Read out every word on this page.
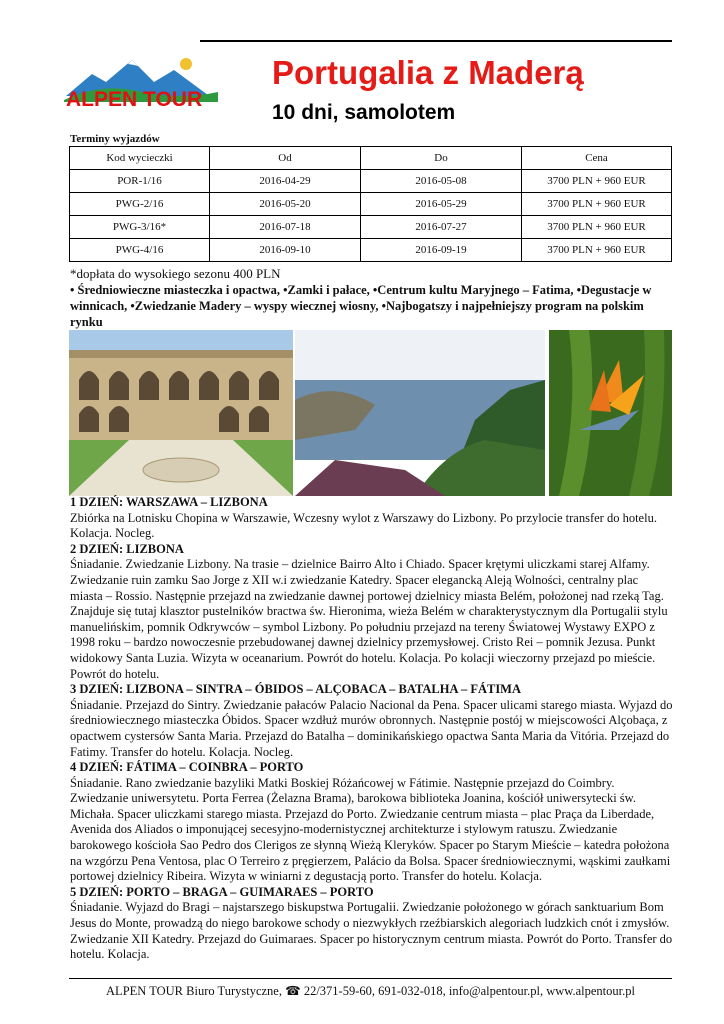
ALPEN TOUR
Portugalia z Maderą
10 dni, samolotem
Terminy wyjazdów
Kod wycieczki	Od	Do	Cena
POR-1/16	2016-04-29	2016-05-08	3700 PLN + 960 EUR
PWG-2/16	2016-05-20	2016-05-29	3700 PLN + 960 EUR
PWG-3/16*	2016-07-18	2016-07-27	3700 PLN + 960 EUR
PWG-4/16	2016-09-10	2016-09-19	3700 PLN + 960 EUR
*dopłata do wysokiego sezonu 400 PLN
• Średniowieczne miasteczka i opactwa, •Zamki i pałace, •Centrum kultu Maryjnego – Fatima, •Degustacje w winnicach, •Zwiedzanie Madery – wyspy wiecznej wiosny, •Najbogatszy i najpełniejszy program na polskim rynku
1 DZIEŃ: WARSZAWA – LIZBONA
Zbiórka na Lotnisku Chopina w Warszawie, Wczesny wylot z Warszawy do Lizbony. Po przylocie transfer do hotelu. Kolacja. Nocleg.
2 DZIEŃ: LIZBONA
Śniadanie. Zwiedzanie Lizbony. Na trasie – dzielnice Bairro Alto i Chiado. Spacer krętymi uliczkami starej Alfamy. Zwiedzanie ruin zamku Sao Jorge z XII w.i zwiedzanie Katedry. Spacer elegancką Aleją Wolności, centralny plac miasta – Rossio. Następnie przejazd na zwiedzanie dawnej portowej dzielnicy miasta Belém, położonej nad rzeką Tag. Znajduje się tutaj klasztor pustelników bractwa św. Hieronima, wieża Belém w charakterystycznym dla Portugalii stylu manuelińskim, pomnik Odkrywców – symbol Lizbony. Po południu przejazd na tereny Światowej Wystawy EXPO z 1998 roku – bardzo nowoczesnie przebudowanej dawnej dzielnicy przemysłowej. Cristo Rei – pomnik Jezusa. Punkt widokowy Santa Luzia. Wizyta w oceanarium. Powrót do hotelu. Kolacja. Po kolacji wieczorny przejazd po mieście. Powrót do hotelu.
3 DZIEŃ: LIZBONA – SINTRA – ÓBIDOS – ALÇOBACA – BATALHA – FÁTIMA
Śniadanie. Przejazd do Sintry. Zwiedzanie pałaców Palacio Nacional da Pena. Spacer ulicami starego miasta. Wyjazd do średniowiecznego miasteczka Óbidos. Spacer wzdłuż murów obronnych. Następnie postój w miejscowości Alçobaça, z opactwem cystersów Santa Maria. Przejazd do Batalha – dominikańskiego opactwa Santa Maria da Vitória. Przejazd do Fatimy. Transfer do hotelu. Kolacja. Nocleg.
4 DZIEŃ: FÁTIMA – COINBRA – PORTO
Śniadanie. Rano zwiedzanie bazyliki Matki Boskiej Różańcowej w Fátimie. Następnie przejazd do Coimbry. Zwiedzanie uniwersytetu. Porta Ferrea (Żelazna Brama), barokowa biblioteka Joanina, kościół uniwersytecki św. Michała. Spacer uliczkami starego miasta. Przejazd do Porto. Zwiedzanie centrum miasta – plac Praça da Liberdade, Avenida dos Aliados o imponującej secesyjno-modernistycznej architekturze i stylowym ratuszu. Zwiedzanie barokowego kościoła Sao Pedro dos Clerigos ze słynną Wieżą Kleryków. Spacer po Starym Mieście – katedra położona na wzgórzu Pena Ventosa, plac O Terreiro z pręgierzem, Palácio da Bolsa. Spacer średniowiecznymi, wąskimi zaułkami portowej dzielnicy Ribeira. Wizyta w winiarni z degustacją porto. Transfer do hotelu. Kolacja.
5 DZIEŃ: PORTO – BRAGA – GUIMARAES – PORTO
Śniadanie. Wyjazd do Bragi – najstarszego biskupstwa Portugalii. Zwiedzanie położonego w górach sanktuarium Bom Jesus do Monte, prowadzą do niego barokowe schody o niezwykłych rzeźbiarskich alegoriach ludzkich cnót i zmysłów. Zwiedzanie XII Katedry. Przejazd do Guimaraes. Spacer po historycznym centrum miasta. Powrót do Porto. Transfer do hotelu. Kolacja.
ALPEN TOUR Biuro Turystyczne, ☎ 22/371-59-60, 691-032-018, info@alpentour.pl, www.alpentour.pl
